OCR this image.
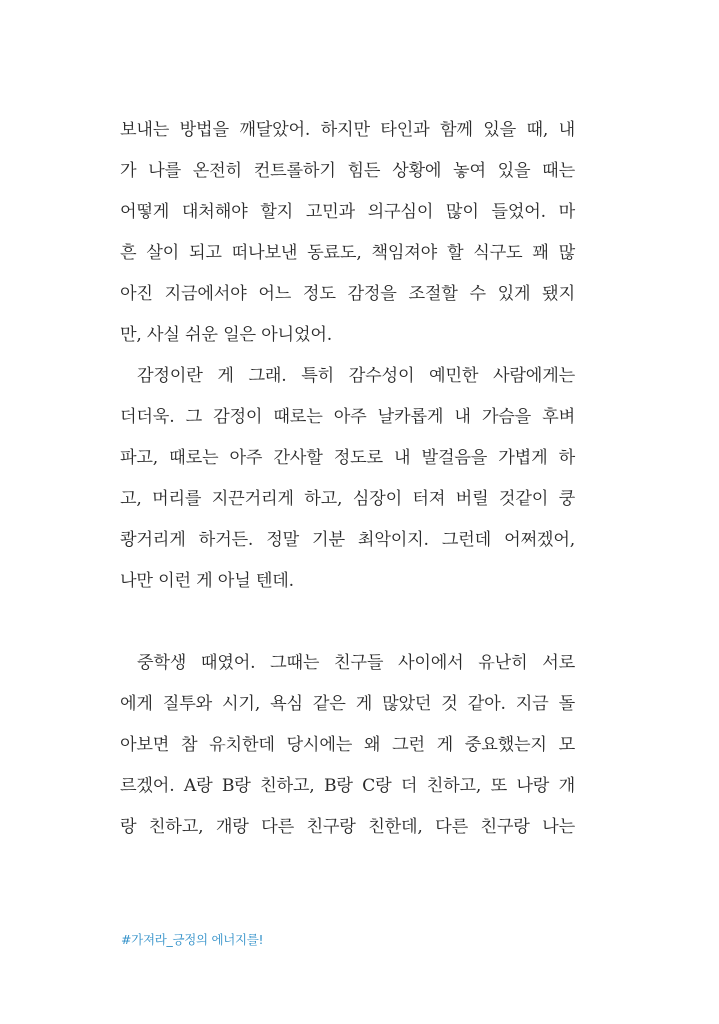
보내는 방법을 깨달았어. 하지만 타인과 함께 있을 때, 내
가 나를 온전히 컨트롤하기 힘든 상황에 놓여 있을 때는
어떻게 대처해야 할지 고민과 의구심이 많이 들었어. 마
흔 살이 되고 떠나보낸 동료도, 책임져야 할 식구도 꽤 많
아진 지금에서야 어느 정도 감정을 조절할 수 있게 됐지
만, 사실 쉬운 일은 아니었어.
감정이란 게 그래. 특히 감수성이 예민한 사람에게는
더더욱. 그 감정이 때로는 아주 날카롭게 내 가슴을 후벼
파고, 때로는 아주 간사할 정도로 내 발걸음을 가볍게 하
고, 머리를 지끈거리게 하고, 심장이 터져 버릴 것같이 쿵
쾅거리게 하거든. 정말 기분 최악이지. 그런데 어쩌겠어,
나만 이런 게 아닐 텐데.
중학생 때였어. 그때는 친구들 사이에서 유난히 서로
에게 질투와 시기, 욕심 같은 게 많았던 것 같아. 지금 돌
아보면 참 유치한데 당시에는 왜 그런 게 중요했는지 모
르겠어. A랑 B랑 친하고, B랑 C랑 더 친하고, 또 나랑 개
랑 친하고, 개랑 다른 친구랑 친한데, 다른 친구랑 나는
#가져라_긍정의 에너지를!
